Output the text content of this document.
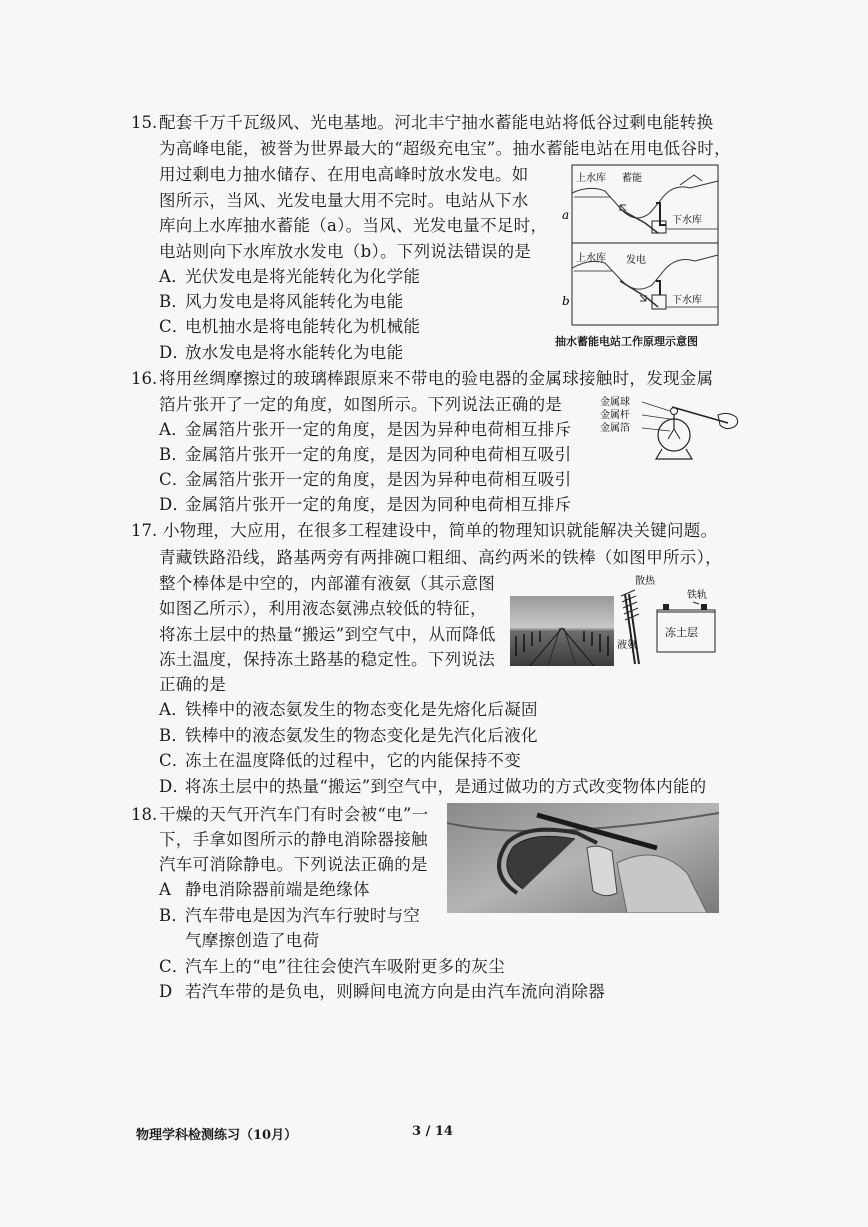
15. 配套千万千瓦级风、光电基地。河北丰宁抽水蓄能电站将低谷过剩电能转换
为高峰电能，被誉为世界最大的“超级充电宝”。抽水蓄能电站在用电低谷时，
用过剩电力抽水储存、在用电高峰时放水发电。如
图所示，当风、光发电量大用不完时。电站从下水
库向上水库抽水蓄能（a）。当风、光发电量不足时，
电站则向下水库放水发电（b）。下列说法错误的是
A．光伏发电是将光能转化为化学能
B．风力发电是将风能转化为电能
C．电机抽水是将电能转化为机械能
D．放水发电是将水能转化为电能
a
b
上水库 蓄能
下水库
上水库 发电
下水库
抽水蓄能电站工作原理示意图
16. 将用丝绸摩擦过的玻璃棒跟原来不带电的验电器的金属球接触时，发现金属
箔片张开了一定的角度，如图所示。下列说法正确的是
A．金属箔片张开一定的角度，是因为异种电荷相互排斥
B．金属箔片张开一定的角度，是因为同种电荷相互吸引
C．金属箔片张开一定的角度，是因为异种电荷相互吸引
D．金属箔片张开一定的角度，是因为同种电荷相互排斥
金属球
金属杆
金属箔
17. 小物理，大应用，在很多工程建设中，简单的物理知识就能解决关键问题。
青藏铁路沿线，路基两旁有两排碗口粗细、高约两米的铁棒（如图甲所示），
整个棒体是中空的，内部灌有液氨（其示意图
如图乙所示），利用液态氨沸点较低的特征，
将冻土层中的热量“搬运”到空气中，从而降低
冻土温度，保持冻土路基的稳定性。下列说法
正确的是
A．铁棒中的液态氨发生的物态变化是先熔化后凝固
B．铁棒中的液态氨发生的物态变化是先汽化后液化
C．冻土在温度降低的过程中，它的内能保持不变
D．将冻土层中的热量“搬运”到空气中，是通过做功的方式改变物体内能的
散热
铁轨
冻土层
液氨
18. 干燥的天气开汽车门有时会被“电”一
下，手拿如图所示的静电消除器接触
汽车可消除静电。下列说法正确的是
A 静电消除器前端是绝缘体
B．汽车带电是因为汽车行驶时与空
气摩擦创造了电荷
C．汽车上的“电”往往会使汽车吸附更多的灰尘
D 若汽车带的是负电，则瞬间电流方向是由汽车流向消除器
物理学科检测练习（10月）	3 / 14
